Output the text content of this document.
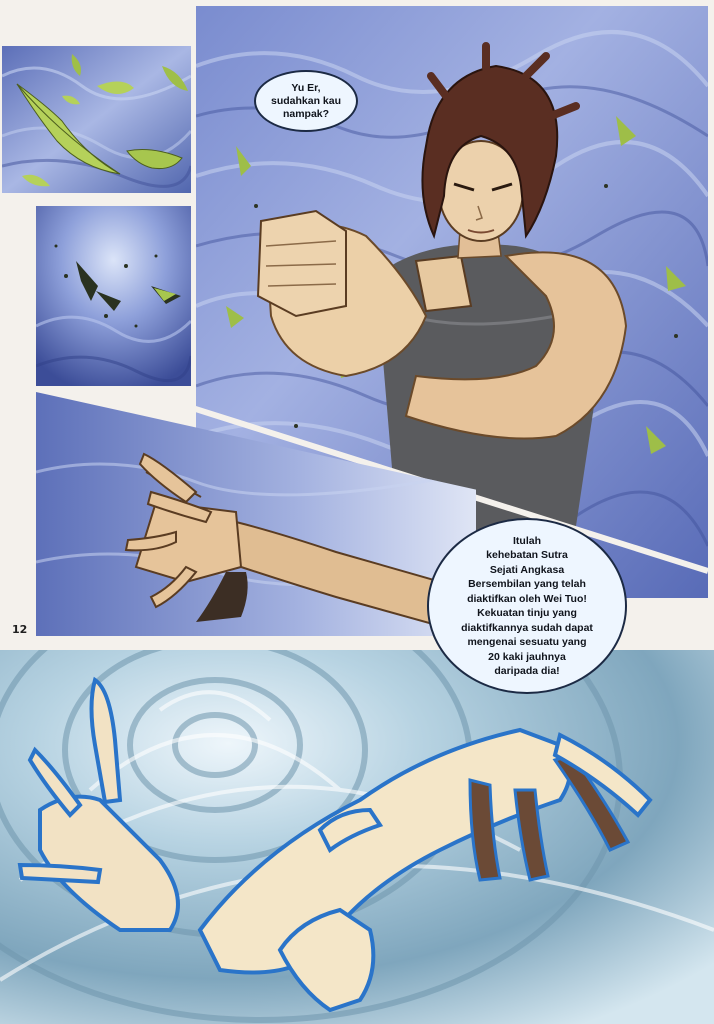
Yu Er,
sudahkan kau
nampak?
Itulah
kehebatan Sutra
Sejati Angkasa
Bersembilan yang telah
diaktifkan oleh Wei Tuo!
Kekuatan tinju yang
diaktifkannya sudah dapat
mengenai sesuatu yang
20 kaki jauhnya
daripada dia!
12
